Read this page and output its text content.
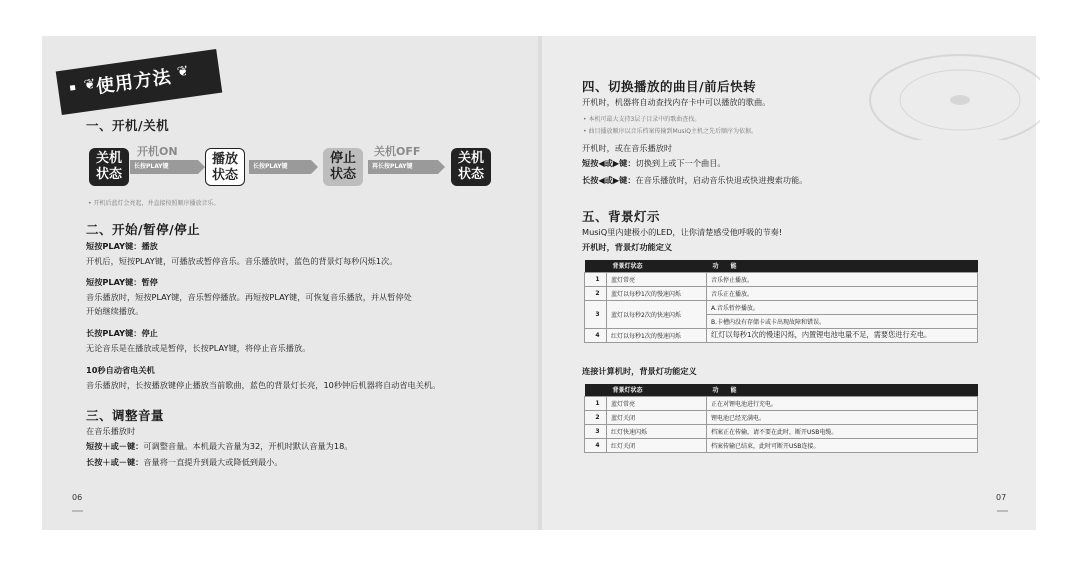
❦
使用方法 ❦
一、开机/关机
关机
状态
开机ON
长按PLAY键	播放
状态
长按PLAY键
停止
状态
关机OFF
再长按PLAY键
关机
状态
• 开机后蓝灯会亮起，并直接按照顺序播放音乐。
二、开始/暂停/停止
短按PLAY键：播放
开机后，短按PLAY键，可播放或暂停音乐。音乐播放时，蓝色的背景灯每秒闪烁1次。
短按PLAY键：暂停
音乐播放时，短按PLAY键，音乐暂停播放。再短按PLAY键，可恢复音乐播放，并从暂停处
开始继续播放。
长按PLAY键：停止
无论音乐是在播放或是暂停，长按PLAY键，将停止音乐播放。
10秒自动省电关机
音乐播放时，长按播放键停止播放当前歌曲，蓝色的背景灯长亮，10秒钟后机器将自动省电关机。
三、调整音量
在音乐播放时
短按＋或－键：可调整音量。本机最大音量为32，开机时默认音量为18。
长按＋或－键：音量将一直提升到最大或降低到最小。
06
四、切换播放的曲目/前后快转
开机时，机器将自动查找内存卡中可以播放的歌曲。
• 本机可最大支持3层子目录中的歌曲查找。
• 曲目播放顺序以音乐档案传输到MusiQ主机之先后顺序为依据。
开机时，或在音乐播放时
短按◀或▶键：切换到上或下一个曲目。
长按◀或▶键：在音乐播放时，启动音乐快退或快进搜索功能。
五、背景灯示
MusiQ里内建极小的LED，让你清楚感受他呼吸的节奏!
开机时，背景灯功能定义
	背景灯状态	功　　能
1	蓝灯常亮	音乐停止播放。
2	蓝灯以每秒1次的慢速闪烁	音乐正在播放。
3	蓝灯以每秒2次的快速闪烁	A.音乐暂停播放。
		B.卡槽内没有存储卡或卡出现故障和错误。
4	红灯以每秒1次的慢速闪烁	红灯以每秒1次的慢速闪烁，内置锂电池电量不足，需要您进行充电。
连接计算机时，背景灯功能定义
	背景灯状态	功　　能
1	蓝灯常亮	正在对锂电池进行充电。
2	蓝灯关闭	锂电池已经充满电。
3	红灯快速闪烁	档案正在传输，请不要在此时，断开USB电缆。
4	红灯关闭	档案传输已结束，此时可断开USB连接。
07
